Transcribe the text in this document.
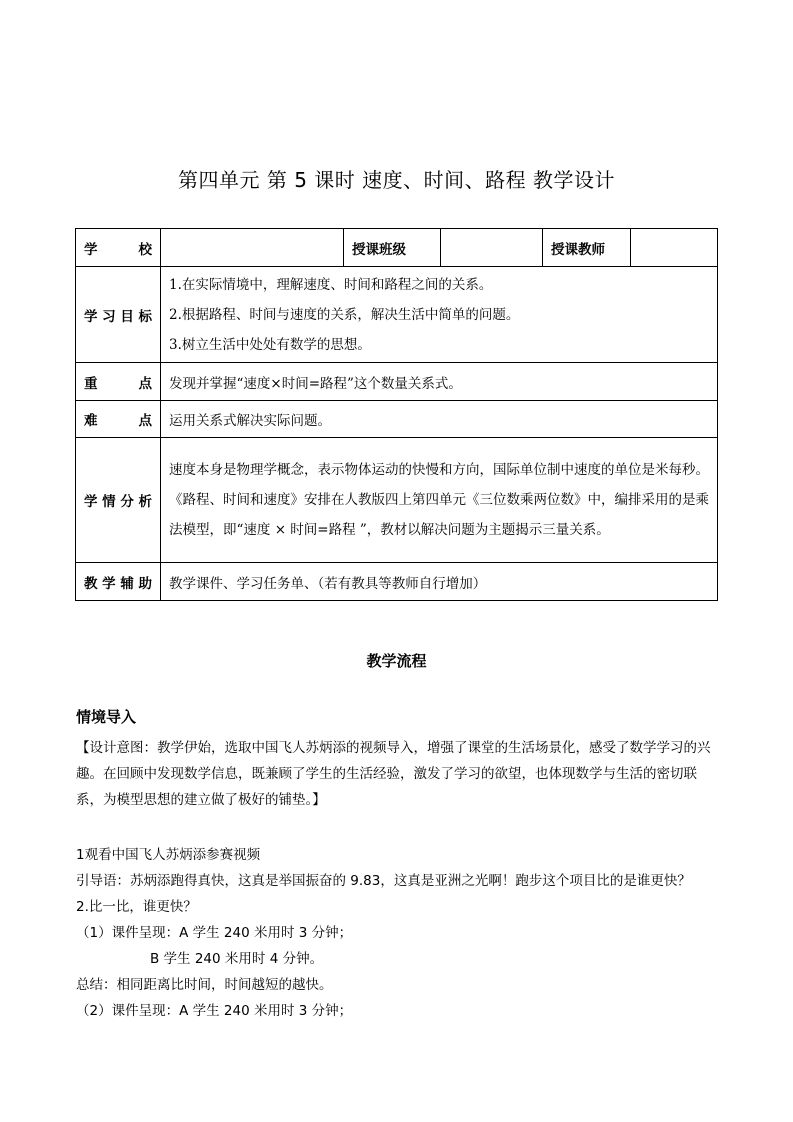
第四单元 第 5 课时 速度、时间、路程 教学设计
学 校		授课班级		授课教师	
学习目标	1.在实际情境中，理解速度、时间和路程之间的关系。
2.根据路程、时间与速度的关系，解决生活中简单的问题。
3.树立生活中处处有数学的思想。				

重 点	发现并掌握“速度×时间=路程”这个数量关系式。				
难 点	运用关系式解决实际问题。				
学情分析	速度本身是物理学概念，表示物体运动的快慢和方向，国际单位制中速度的单位是米每秒。《路程、时间和速度》安排在人教版四上第四单元《三位数乘两位数》中，编排采用的是乘法模型，即“速度 × 时间=路程 ”，教材以解决问题为主题揭示三量关系。				
教学辅助	教学课件、学习任务单、（若有教具等教师自行增加）				
教学流程
情境导入
【设计意图：教学伊始，选取中国飞人苏炳添的视频导入，增强了课堂的生活场景化，感受了数学学习的兴趣。在回顾中发现数学信息，既兼顾了学生的生活经验，激发了学习的欲望，也体现数学与生活的密切联系，为模型思想的建立做了极好的铺垫。】
1观看中国飞人苏炳添参赛视频
引导语：苏炳添跑得真快，这真是举国振奋的 9.83，这真是亚洲之光啊！跑步这个项目比的是谁更快？
2.比一比，谁更快？
（1）课件呈现：A 学生 240 米用时 3 分钟；
B 学生 240 米用时 4 分钟。
总结：相同距离比时间，时间越短的越快。
（2）课件呈现：A 学生 240 米用时 3 分钟；
